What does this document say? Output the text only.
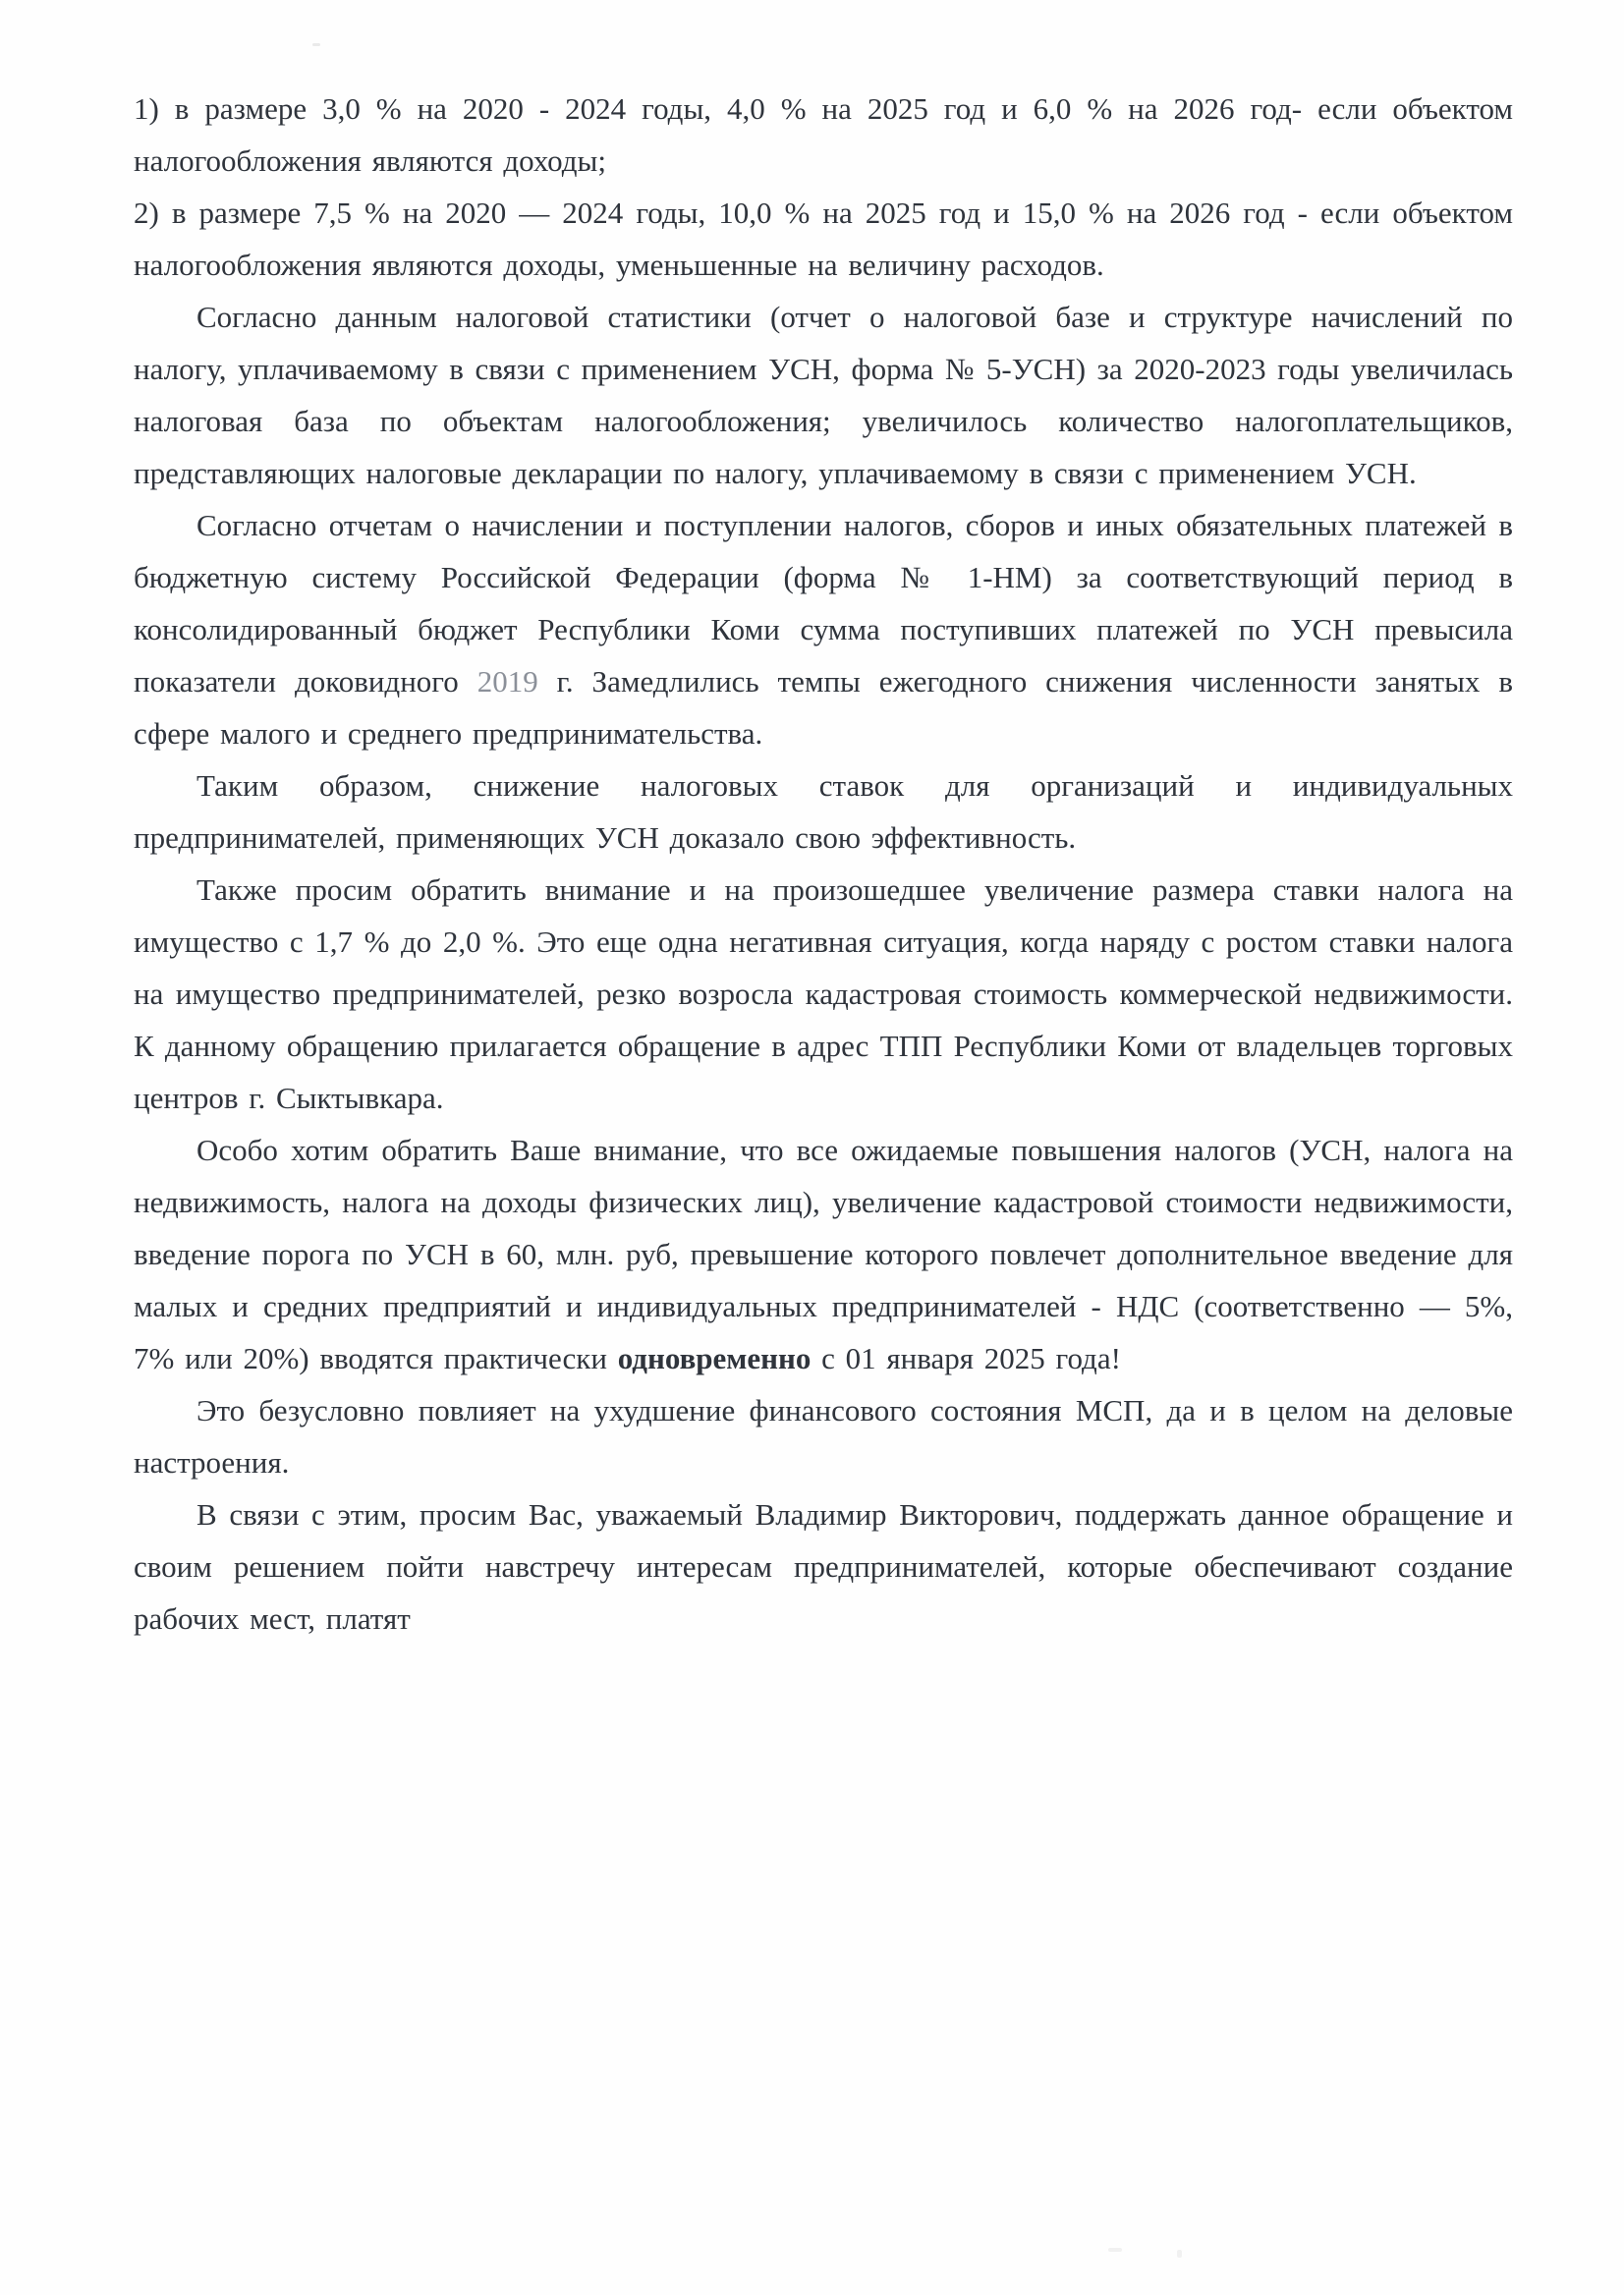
1) в размере 3,0 % на 2020 - 2024 годы, 4,0 % на 2025 год и 6,0 % на 2026 год- если объектом налогообложения являются доходы;

2) в размере 7,5 % на 2020 — 2024 годы, 10,0 % на 2025 год и 15,0 % на 2026 год - если объектом налогообложения являются доходы, уменьшенные на величину расходов.

Согласно данным налоговой статистики (отчет о налоговой базе и структуре начислений по налогу, уплачиваемому в связи с применением УСН, форма № 5-УСН) за 2020-2023 годы увеличилась налоговая база по объектам налогообложения; увеличилось количество налогоплательщиков, представляющих налоговые декларации по налогу, уплачиваемому в связи с применением УСН.

Согласно отчетам о начислении и поступлении налогов, сборов и иных обязательных платежей в бюджетную систему Российской Федерации (форма № 1-НМ) за соответствующий период в консолидированный бюджет Республики Коми сумма поступивших платежей по УСН превысила показатели доковидного 2019 г. Замедлились темпы ежегодного снижения численности занятых в сфере малого и среднего предпринимательства.

Таким образом, снижение налоговых ставок для организаций и индивидуальных предпринимателей, применяющих УСН доказало свою эффективность.

Также просим обратить внимание и на произошедшее увеличение размера ставки налога на имущество с 1,7 % до 2,0 %. Это еще одна негативная ситуация, когда наряду с ростом ставки налога на имущество предпринимателей, резко возросла кадастровая стоимость коммерческой недвижимости. К данному обращению прилагается обращение в адрес ТПП Республики Коми от владельцев торговых центров г. Сыктывкара.

Особо хотим обратить Ваше внимание, что все ожидаемые повышения налогов (УСН, налога на недвижимость, налога на доходы физических лиц), увеличение кадастровой стоимости недвижимости, введение порога по УСН в 60, млн. руб, превышение которого повлечет дополнительное введение для малых и средних предприятий и индивидуальных предпринимателей - НДС (соответственно — 5%, 7% или 20%) вводятся практически одновременно с 01 января 2025 года!

Это безусловно повлияет на ухудшение финансового состояния МСП, да и в целом на деловые настроения.

В связи с этим, просим Вас, уважаемый Владимир Викторович, поддержать данное обращение и своим решением пойти навстречу интересам предпринимателей, которые обеспечивают создание рабочих мест, платят
